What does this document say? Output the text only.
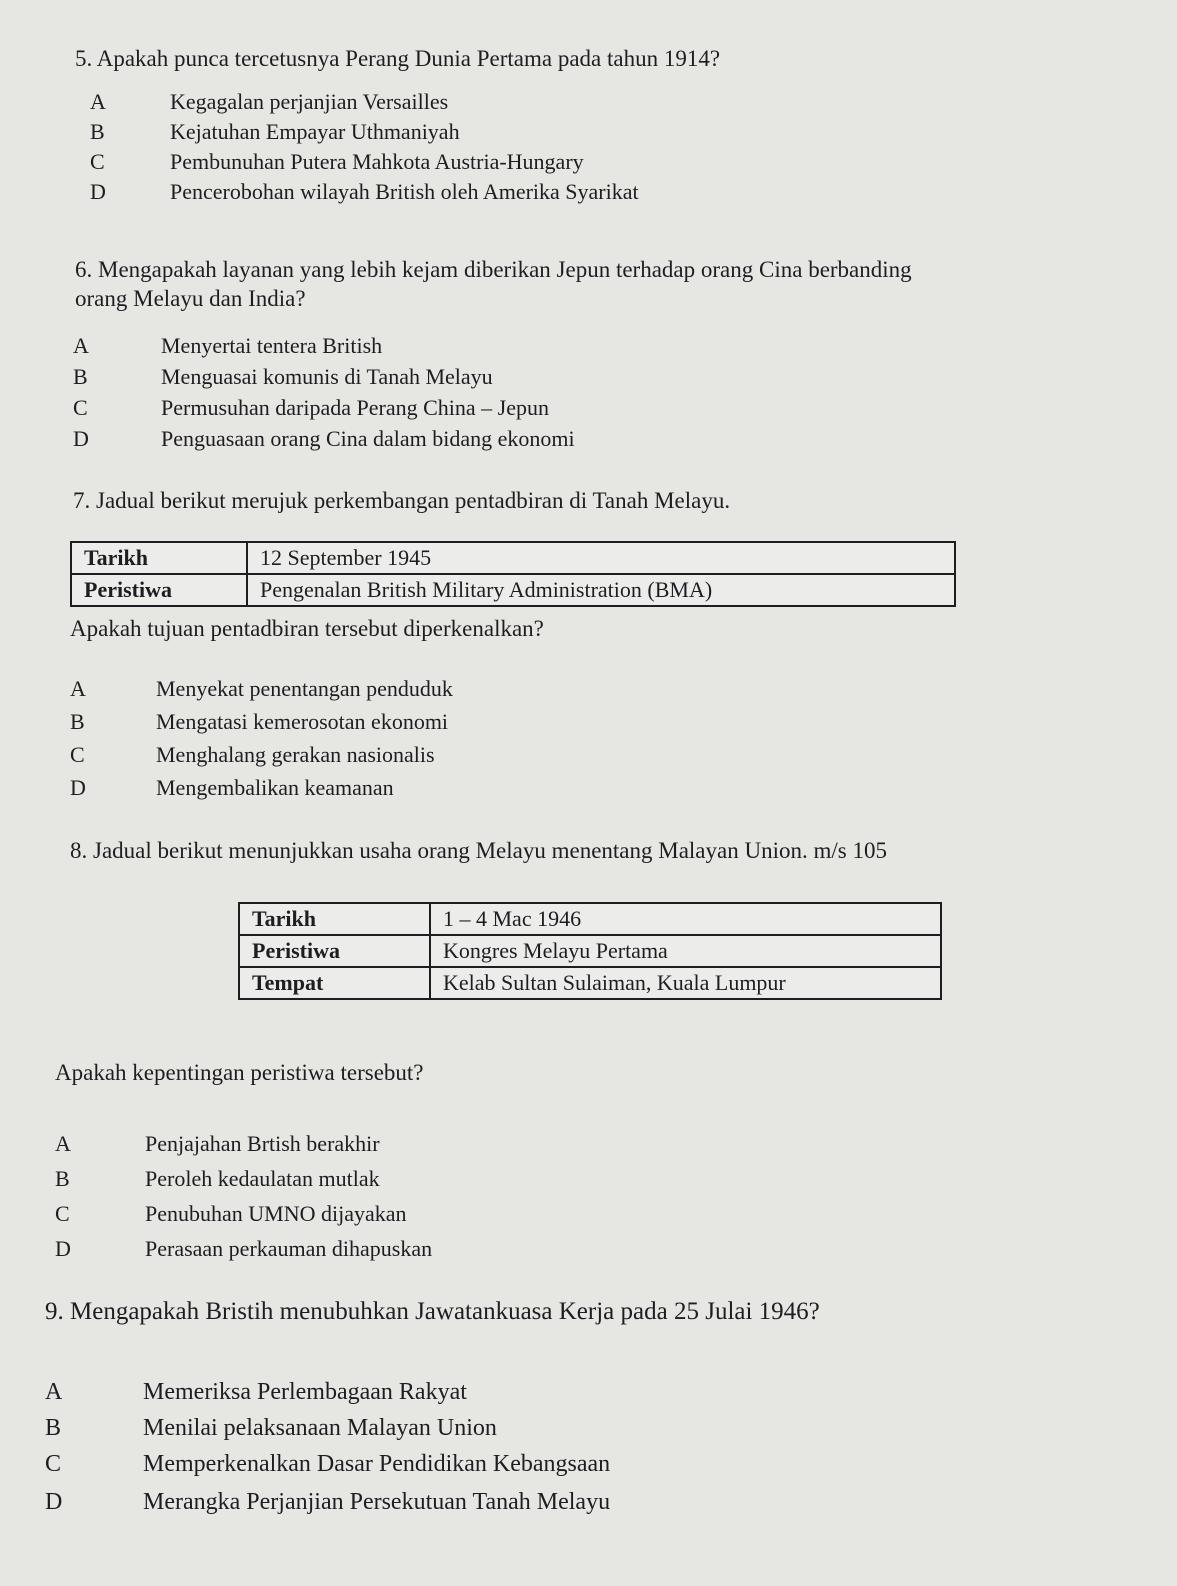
5. Apakah punca tercetusnya Perang Dunia Pertama pada tahun 1914?
A	Kegagalan perjanjian Versailles
B	Kejatuhan Empayar Uthmaniyah
C	Pembunuhan Putera Mahkota Austria-Hungary
D	Pencerobohan wilayah British oleh Amerika Syarikat
6. Mengapakah layanan yang lebih kejam diberikan Jepun terhadap orang Cina berbanding
orang Melayu dan India?
A	Menyertai tentera British
B	Menguasai komunis di Tanah Melayu
C	Permusuhan daripada Perang China – Jepun
D	Penguasaan orang Cina dalam bidang ekonomi
7. Jadual berikut merujuk perkembangan pentadbiran di Tanah Melayu.
Tarikh	12 September 1945
Peristiwa	Pengenalan British Military Administration (BMA)
Apakah tujuan pentadbiran tersebut diperkenalkan?
A	Menyekat penentangan penduduk
B	Mengatasi kemerosotan ekonomi
C	Menghalang gerakan nasionalis
D	Mengembalikan keamanan
8. Jadual berikut menunjukkan usaha orang Melayu menentang Malayan Union. m/s 105
Tarikh	1 – 4 Mac 1946
Peristiwa	Kongres Melayu Pertama
Tempat	Kelab Sultan Sulaiman, Kuala Lumpur
Apakah kepentingan peristiwa tersebut?
A	Penjajahan Brtish berakhir
B	Peroleh kedaulatan mutlak
C	Penubuhan UMNO dijayakan
D	Perasaan perkauman dihapuskan
9. Mengapakah Bristih menubuhkan Jawatankuasa Kerja pada 25 Julai 1946?
A	Memeriksa Perlembagaan Rakyat
B	Menilai pelaksanaan Malayan Union
C	Memperkenalkan Dasar Pendidikan Kebangsaan
D	Merangka Perjanjian Persekutuan Tanah Melayu
